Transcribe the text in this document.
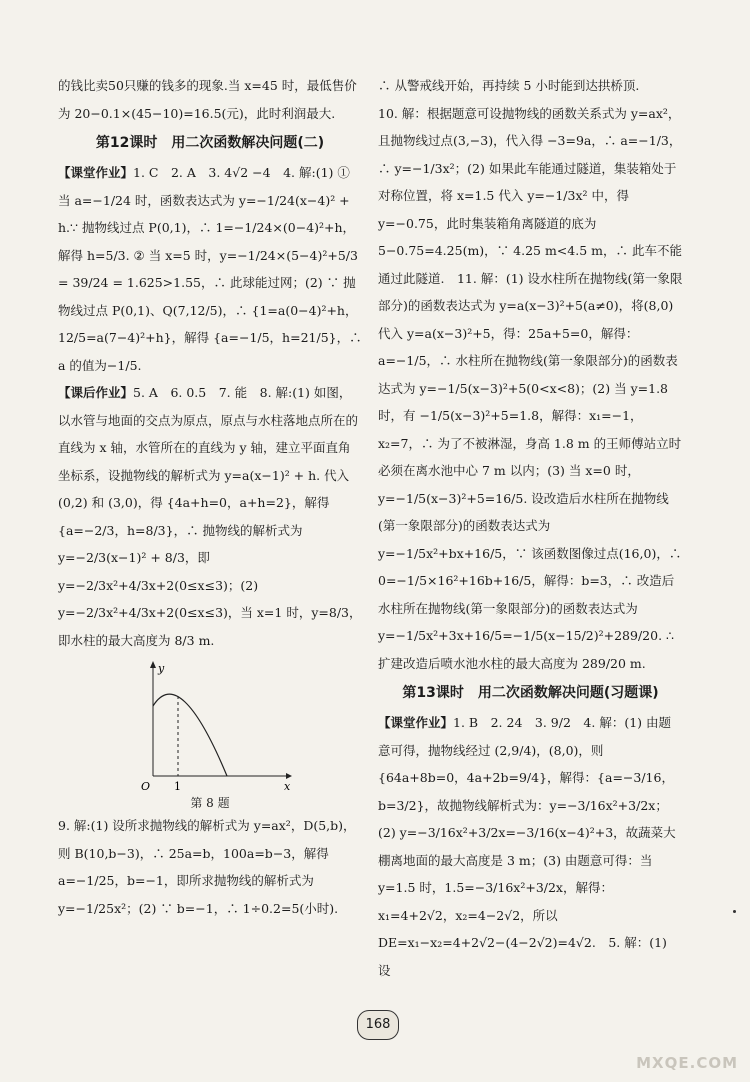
的钱比卖50只赚的钱多的现象.当 x=45 时，最低售价为 20−0.1×(45−10)=16.5(元)，此时利润最大.

第12课时　用二次函数解决问题(二)

【课堂作业】1. C　2. A　3. 4√2 −4　4. 解:(1) ① 当 a=−1/24 时，函数表达式为 y=−1/24(x−4)² + h.∵ 抛物线过点 P(0,1)，∴ 1=−1/24×(0−4)²+h，解得 h=5/3. ② 当 x=5 时，y=−1/24×(5−4)²+5/3 = 39/24 = 1.625>1.55，∴ 此球能过网；(2) ∵ 抛物线过点 P(0,1)、Q(7,12/5)，∴ {1=a(0−4)²+h，12/5=a(7−4)²+h}，解得 {a=−1/5，h=21/5}，∴ a 的值为−1/5.

【课后作业】5. A　6. 0.5　7. 能　8. 解:(1) 如图，以水管与地面的交点为原点，原点与水柱落地点所在的直线为 x 轴，水管所在的直线为 y 轴，建立平面直角坐标系，设抛物线的解析式为 y=a(x−1)² + h. 代入 (0,2) 和 (3,0)，得 {4a+h=0，a+h=2}，解得 {a=−2/3，h=8/3}，∴ 抛物线的解析式为 y=−2/3(x−1)² + 8/3，即 y=−2/3x²+4/3x+2(0≤x≤3)；(2) y=−2/3x²+4/3x+2(0≤x≤3)，当 x=1 时，y=8/3，即水柱的最大高度为 8/3 m.

y
x
O 1
第 8 题

9. 解:(1) 设所求抛物线的解析式为 y=ax²，D(5,b)，则 B(10,b−3)，∴ 25a=b，100a=b−3，解得 a=−1/25，b=−1，即所求抛物线的解析式为 y=−1/25x²；(2) ∵ b=−1，∴ 1÷0.2=5(小时).

∴ 从警戒线开始，再持续 5 小时能到达拱桥顶.

10. 解：根据题意可设抛物线的函数关系式为 y=ax²，且抛物线过点(3,−3)，代入得 −3=9a，∴ a=−1/3，∴ y=−1/3x²；(2) 如果此车能通过隧道，集装箱处于对称位置，将 x=1.5 代入 y=−1/3x² 中，得 y=−0.75，此时集装箱角离隧道的底为 5−0.75=4.25(m)，∵ 4.25 m<4.5 m，∴ 此车不能通过此隧道.　11. 解：(1) 设水柱所在抛物线(第一象限部分)的函数表达式为 y=a(x−3)²+5(a≠0)，将(8,0)代入 y=a(x−3)²+5，得：25a+5=0，解得：a=−1/5，∴ 水柱所在抛物线(第一象限部分)的函数表达式为 y=−1/5(x−3)²+5(0<x<8)；(2) 当 y=1.8 时，有 −1/5(x−3)²+5=1.8，解得：x₁=−1，x₂=7，∴ 为了不被淋湿，身高 1.8 m 的王师傅站立时必须在离水池中心 7 m 以内；(3) 当 x=0 时，y=−1/5(x−3)²+5=16/5. 设改造后水柱所在抛物线(第一象限部分)的函数表达式为 y=−1/5x²+bx+16/5，∵ 该函数图像过点(16,0)，∴ 0=−1/5×16²+16b+16/5，解得：b=3，∴ 改造后水柱所在抛物线(第一象限部分)的函数表达式为 y=−1/5x²+3x+16/5=−1/5(x−15/2)²+289/20. ∴ 扩建改造后喷水池水柱的最大高度为 289/20 m.

第13课时　用二次函数解决问题(习题课)

【课堂作业】1. B　2. 24　3. 9/2　4. 解：(1) 由题意可得，抛物线经过 (2,9/4)，(8,0)，则 {64a+8b=0，4a+2b=9/4}，解得：{a=−3/16，b=3/2}，故抛物线解析式为：y=−3/16x²+3/2x；(2) y=−3/16x²+3/2x=−3/16(x−4)²+3，故蔬菜大棚离地面的最大高度是 3 m；(3) 由题意可得：当 y=1.5 时，1.5=−3/16x²+3/2x，解得：x₁=4+2√2，x₂=4−2√2，所以 DE=x₁−x₂=4+2√2−(4−2√2)=4√2.　5. 解：(1) 设

168
MXQE.COM
